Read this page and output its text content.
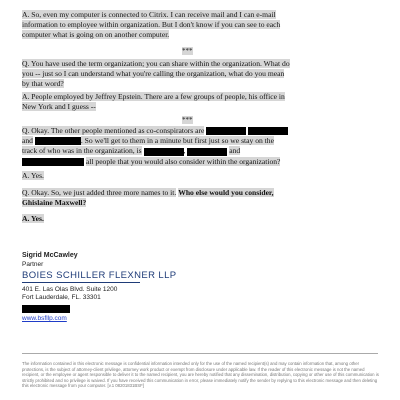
A. So, even my computer is connected to Citrix. I can receive mail and I can e-mail information to employee within organization. But I don't know if you can see to each computer what is going on on another computer.
***
Q. You have used the term organization; you can share within the organization. What do you -- just so I can understand what you're calling the organization, what do you mean by that word?
A. People employed by Jeffrey Epstein. There are a few groups of people, his office in New York and I guess --
***
Q. Okay. The other people mentioned as co-conspirators are   and	. So we'll get to them in a minute but first just so we stay on the track of who was in the organization, is	,	and  all people that you would also consider within the organization?
A. Yes.
Q. Okay. So, we just added three more names to it. Who else would you consider, Ghislaine Maxwell?
A. Yes.
Sigrid McCawley
Partner
BOIES SCHILLER FLEXNER LLP
401 E. Las Olas Blvd. Suite 1200
Fort Lauderdale, FL. 33301
www.bsfllp.com
The information contained in this electronic message is confidential information intended only for the use of the named recipient(s) and may contain information that, among other protections, is the subject of attorney-client privilege, attorney work product or exempt from disclosure under applicable law. If the reader of this electronic message is not the named recipient, or the employee or agent responsible to deliver it to the named recipient, you are hereby notified that any dissemination, distribution, copying or other use of this communication is strictly prohibited and no privilege is waived. If you have received this communication in error, please immediately notify the sender by replying to this electronic message and then deleting this electronic message from your computer. [v.1 08201831BSF]
